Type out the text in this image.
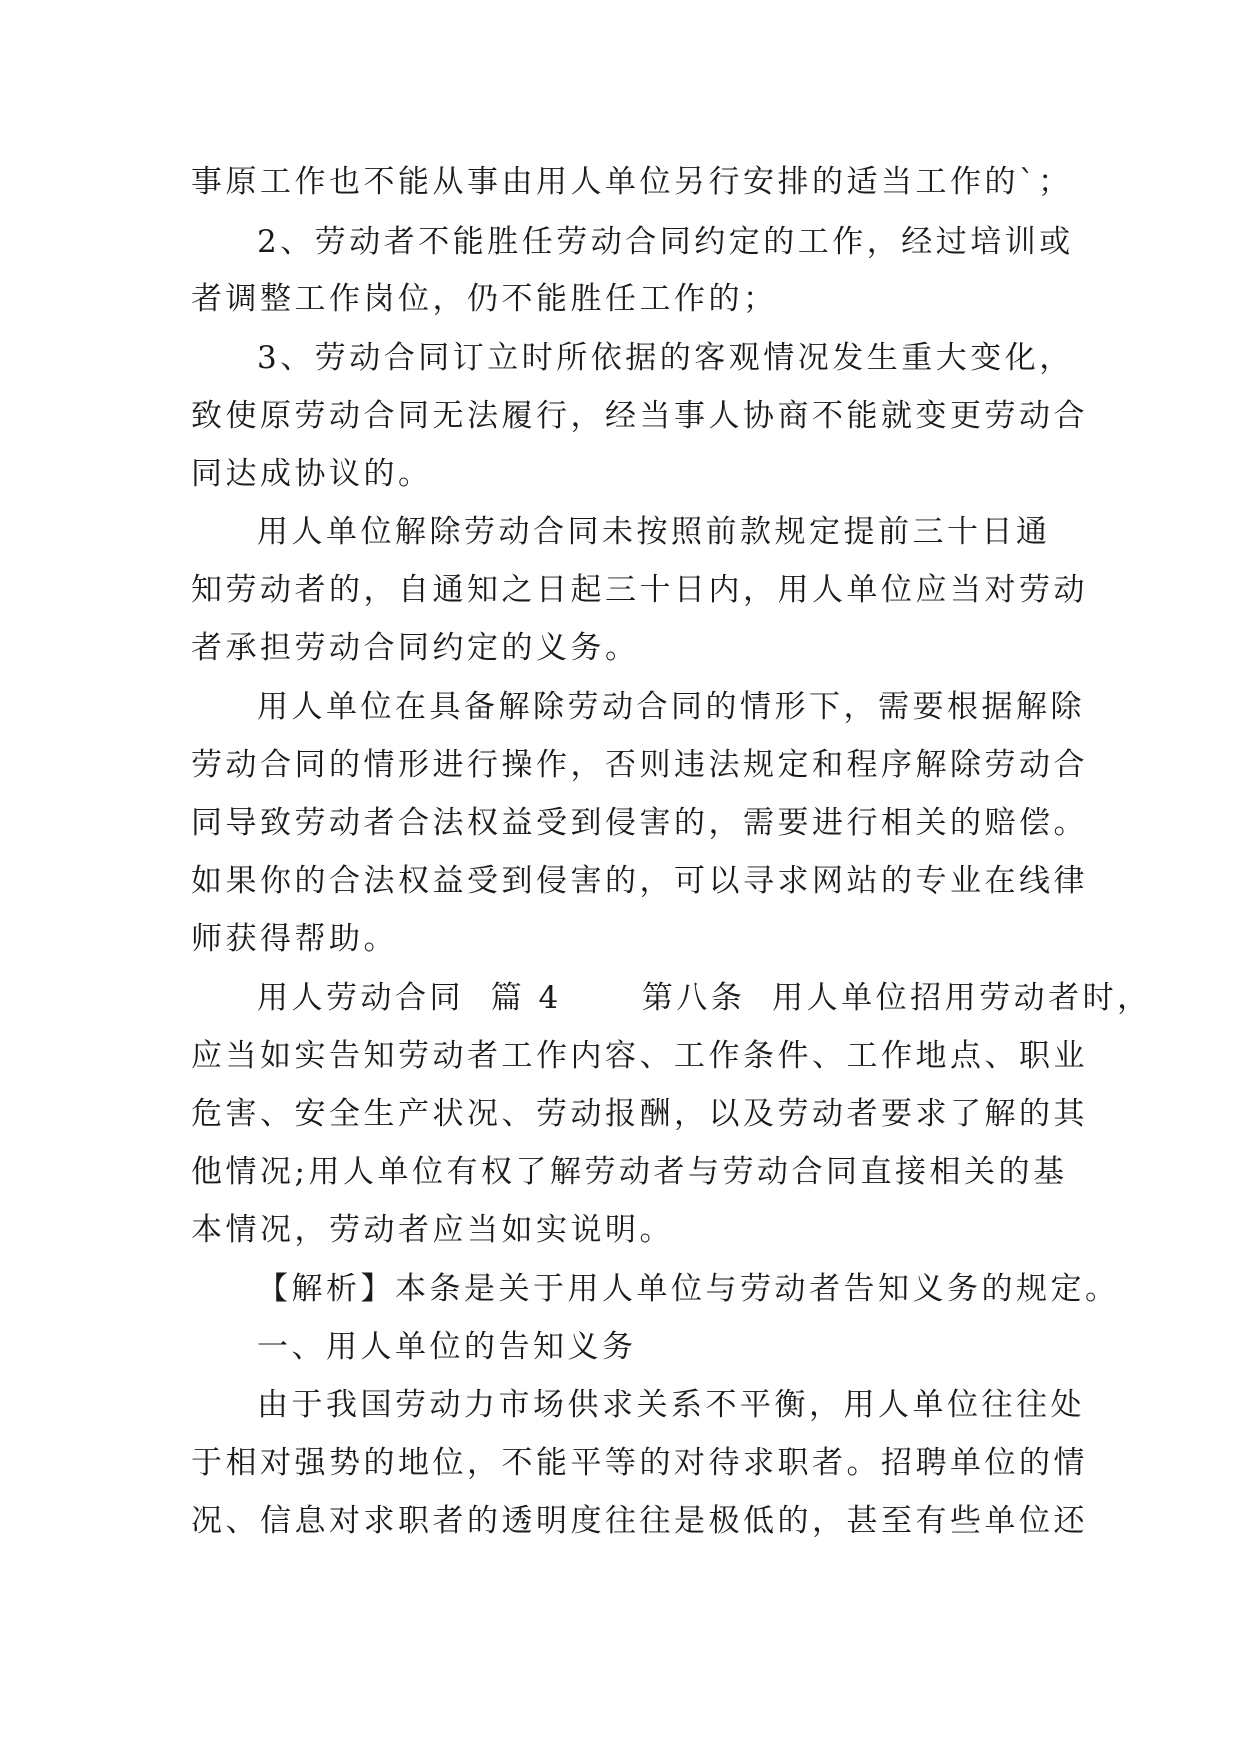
事原工作也不能从事由用人单位另行安排的适当工作的`；
2、劳动者不能胜任劳动合同约定的工作，经过培训或
者调整工作岗位，仍不能胜任工作的；
3、劳动合同订立时所依据的客观情况发生重大变化，
致使原劳动合同无法履行，经当事人协商不能就变更劳动合
同达成协议的。
用人单位解除劳动合同未按照前款规定提前三十日通
知劳动者的，自通知之日起三十日内，用人单位应当对劳动
者承担劳动合同约定的义务。
用人单位在具备解除劳动合同的情形下，需要根据解除
劳动合同的情形进行操作，否则违法规定和程序解除劳动合
同导致劳动者合法权益受到侵害的，需要进行相关的赔偿。
如果你的合法权益受到侵害的，可以寻求网站的专业在线律
师获得帮助。
用人劳动合同  篇 4      第八条  用人单位招用劳动者时，
应当如实告知劳动者工作内容、工作条件、工作地点、职业
危害、安全生产状况、劳动报酬，以及劳动者要求了解的其
他情况;用人单位有权了解劳动者与劳动合同直接相关的基
本情况，劳动者应当如实说明。
【解析】本条是关于用人单位与劳动者告知义务的规定。
一、用人单位的告知义务
由于我国劳动力市场供求关系不平衡，用人单位往往处
于相对强势的地位，不能平等的对待求职者。招聘单位的情
况、信息对求职者的透明度往往是极低的，甚至有些单位还
